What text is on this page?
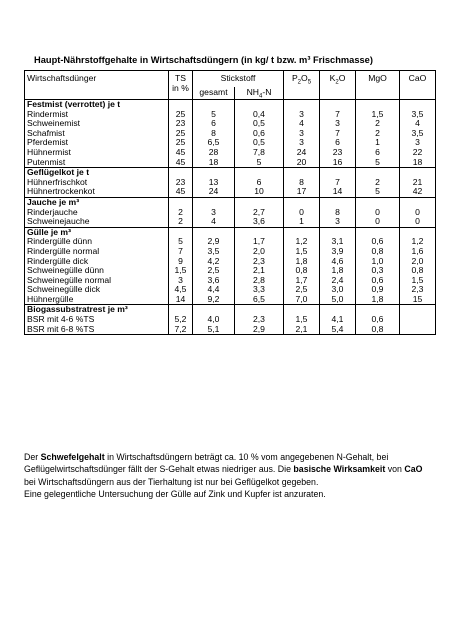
Haupt-Nährstoffgehalte in Wirtschaftsdüngern (in kg/ t bzw. m³ Frischmasse)
Wirtschaftsdünger	TS in %	Stickstoff		$P_2O_5$	$K_2O$	MgO	CaO
		gesamt	$NH_4-N$				
Festmist (verrottet) je t							
Rindermist	25	5	0,4	3	7	1,5	3,5
Schweinemist	23	6	0,5	4	3	2	4
Schafmist	25	8	0,6	3	7	2	3,5
Pferdemist	25	6,5	0,5	3	6	1	3
Hühnermist	45	28	7,8	24	23	6	22
Putenmist	45	18	5	20	16	5	18
Geflügelkot je t							
Hühnerfrischkot	23	13	6	8	7	2	21
Hühnertrockenkot	45	24	10	17	14	5	42
Jauche je m³							
Rinderjauche	2	3	2,7	0	8	0	0
Schweinejauche	2	4	3,6	1	3	0	0
Gülle je m³							
Rindergülle dünn	5	2,9	1,7	1,2	3,1	0,6	1,2
Rindergülle normal	7	3,5	2,0	1,5	3,9	0,8	1,6
Rindergülle dick	9	4,2	2,3	1,8	4,6	1,0	2,0
Schweinegülle dünn	1,5	2,5	2,1	0,8	1,8	0,3	0,8
Schweinegülle normal	3	3,6	2,8	1,7	2,4	0,6	1,5
Schweinegülle dick	4,5	4,4	3,3	2,5	3,0	0,9	2,3
Hühnergülle	14	9,2	6,5	7,0	5,0	1,8	15
Biogassubstratrest je m³							
BSR mit 4-6 %TS	5,2	4,0	2,3	1,5	4,1	0,6	
BSR mit 6-8 %TS	7,2	5,1	2,9	2,1	5,4	0,8	

Der Schwefelgehalt in Wirtschaftsdüngern beträgt ca. 10 % vom angegebenen N-Gehalt, bei Geflügelwirtschaftsdünger fällt der S-Gehalt etwas niedriger aus. Die basische Wirksamkeit von CaO bei Wirtschaftsdüngern aus der Tierhaltung ist nur bei Geflügelkot gegeben.

Eine gelegentliche Untersuchung der Gülle auf Zink und Kupfer ist anzuraten.
